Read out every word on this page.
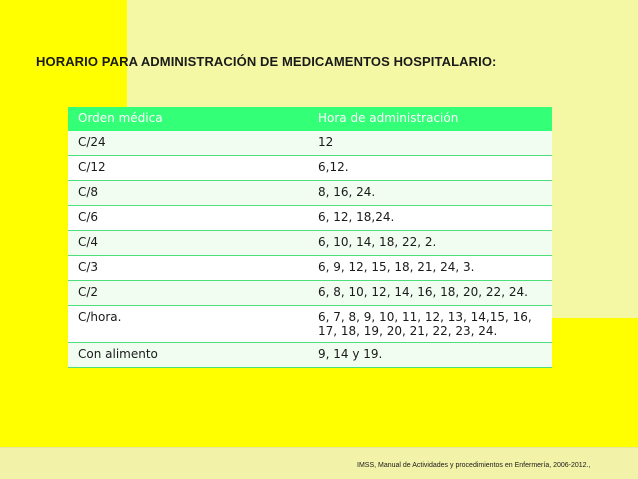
HORARIO PARA ADMINISTRACIÓN DE MEDICAMENTOS HOSPITALARIO:
Orden médica	Hora de administración
C/24	12
C/12	6,12.
C/8	8, 16, 24.
C/6	6, 12, 18,24.
C/4	6, 10, 14, 18, 22, 2.
C/3	6, 9, 12, 15, 18, 21, 24, 3.
C/2	6, 8, 10, 12, 14, 16, 18, 20, 22, 24.
C/hora.	6, 7, 8, 9, 10, 11, 12, 13, 14,15, 16, 17, 18, 19, 20, 21, 22, 23, 24.
Con alimento	9, 14 y 19.
IMSS, Manual de Actividades y procedimientos en Enfermería, 2006-2012.,
